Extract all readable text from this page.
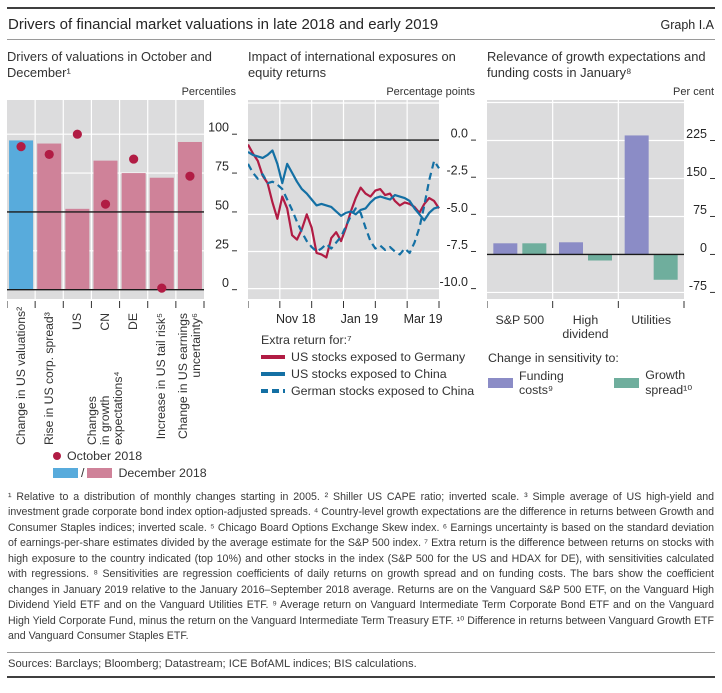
Drivers of financial market valuations in late 2018 and early 2019	Graph I.A
Drivers of valuations in October and December¹
Percentiles
0
25
50
75
100
Change in US valuations² Rise in US corp. spread³ US CN DE Increase in US tail risk⁵ Change in US earnings
uncertainty⁶
Changes
in growth
expectations⁴
October 2018
/	December 2018
Impact of international exposures on equity returns
Percentage points
0.0
-2.5
-5.0
-7.5
-10.0
Nov 18 Jan 19 Mar 19
Extra return for:⁷
US stocks exposed to Germany
US stocks exposed to China
German stocks exposed to China
Relevance of growth expectations and funding costs in January⁸
Per cent
225
150
75
0
-75
S&P 500	High
dividend
Utilities
Change in sensitivity to:
Funding costs⁹
Growth spread¹⁰

¹ Relative to a distribution of monthly changes starting in 2005. ² Shiller US CAPE ratio; inverted scale. ³ Simple average of US high-yield and investment grade corporate bond index option-adjusted spreads. ⁴ Country-level growth expectations are the difference in returns between Growth and Consumer Staples indices; inverted scale. ⁵ Chicago Board Options Exchange Skew index. ⁶ Earnings uncertainty is based on the standard deviation of earnings-per-share estimates divided by the average estimate for the S&P 500 index. ⁷ Extra return is the difference between returns on stocks with high exposure to the country indicated (top 10%) and other stocks in the index (S&P 500 for the US and HDAX for DE), with sensitivities calculated with regressions. ⁸ Sensitivities are regression coefficients of daily returns on growth spread and on funding costs. The bars show the coefficient changes in January 2019 relative to the January 2016–September 2018 average. Returns are on the Vanguard S&P 500 ETF, on the Vanguard High Dividend Yield ETF and on the Vanguard Utilities ETF. ⁹ Average return on Vanguard Intermediate Term Corporate Bond ETF and on the Vanguard High Yield Corporate Fund, minus the return on the Vanguard Intermediate Term Treasury ETF. ¹⁰ Difference in returns between Vanguard Growth ETF and Vanguard Consumer Staples ETF.

Sources: Barclays; Bloomberg; Datastream; ICE BofAML indices; BIS calculations.
